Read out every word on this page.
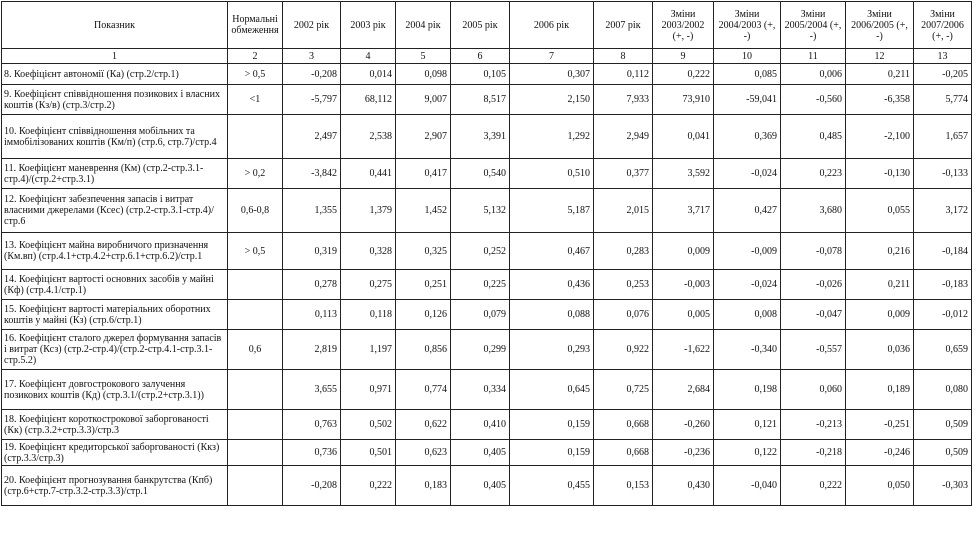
Показник	Нормальні обмеження	2002 рік	2003 рік	2004 рік	2005 рік	2006 рік	2007 рік	Зміни 2003/2002 (+, -)	Зміни 2004/2003 (+, -)	Зміни 2005/2004 (+, -)	Зміни 2006/2005 (+, -)	Зміни 2007/2006 (+, -)
1	2	3	4	5	6	7	8	9	10	11	12	13
8. Коефіцієнт автономії (Ка) (стр.2/стр.1)	> 0,5	-0,208	0,014	0,098	0,105	0,307	0,112	0,222	0,085	0,006	0,211	-0,205
9. Коефіцієнт співвідношення позикових і власних коштів (Кз/в) (стр.3/стр.2)	<1	-5,797	68,112	9,007	8,517	2,150	7,933	73,910	-59,041	-0,560	-6,358	5,774
10. Коефіцієнт співвідношення мобільних та іммобілізованих коштів (Км/п) (стр.6, стр.7)/стр.4		2,497	2,538	2,907	3,391	1,292	2,949	0,041	0,369	0,485	-2,100	1,657
11. Коефіцієнт маневрення (Км) (стр.2-стр.3.1-стр.4)/(стр.2+стр.3.1)	> 0,2	-3,842	0,441	0,417	0,540	0,510	0,377	3,592	-0,024	0,223	-0,130	-0,133
12. Коефіцієнт забезпечення запасів і витрат власними джерелами (Ксес) (стр.2-стр.3.1-стр.4)/стр.6	0,6-0,8	1,355	1,379	1,452	5,132	5,187	2,015	3,717	0,427	3,680	0,055	3,172
13. Коефіцієнт майна виробничого призначення (Км.вп) (стр.4.1+стр.4.2+стр.6.1+стр.6.2)/стр.1	> 0,5	0,319	0,328	0,325	0,252	0,467	0,283	0,009	-0,009	-0,078	0,216	-0,184
14. Коефіцієнт вартості основних засобів у майні (Кф) (стр.4.1/стр.1)		0,278	0,275	0,251	0,225	0,436	0,253	-0,003	-0,024	-0,026	0,211	-0,183
15. Коефіцієнт вартості матеріальних оборотних коштів у майні (Кз) (стр.6/стр.1)		0,113	0,118	0,126	0,079	0,088	0,076	0,005	0,008	-0,047	0,009	-0,012
16. Коефіцієнт сталого джерел формування запасів і витрат (Ксз) (стр.2-стр.4)/(стр.2-стр.4.1-стр.3.1-стр.5.2)	0,6	2,819	1,197	0,856	0,299	0,293	0,922	-1,622	-0,340	-0,557	0,036	0,659
17. Коефіцієнт довгострокового залучення позикових коштів (Кд) (стр.3.1/(стр.2+стр.3.1))		3,655	0,971	0,774	0,334	0,645	0,725	2,684	0,198	0,060	0,189	0,080
18. Коефіцієнт короткострокової заборгованості (Кк) (стр.3.2+стр.3.3)/стр.3		0,763	0,502	0,622	0,410	0,159	0,668	-0,260	0,121	-0,213	-0,251	0,509
19. Коефіцієнт кредиторської заборгованості (Ккз) (стр.3.3/стр.3)		0,736	0,501	0,623	0,405	0,159	0,668	-0,236	0,122	-0,218	-0,246	0,509
20. Коефіцієнт прогнозування банкрутства (Кпб) (стр.6+стр.7-стр.3.2-стр.3.3)/стр.1		-0,208	0,222	0,183	0,405	0,455	0,153	0,430	-0,040	0,222	0,050	-0,303
